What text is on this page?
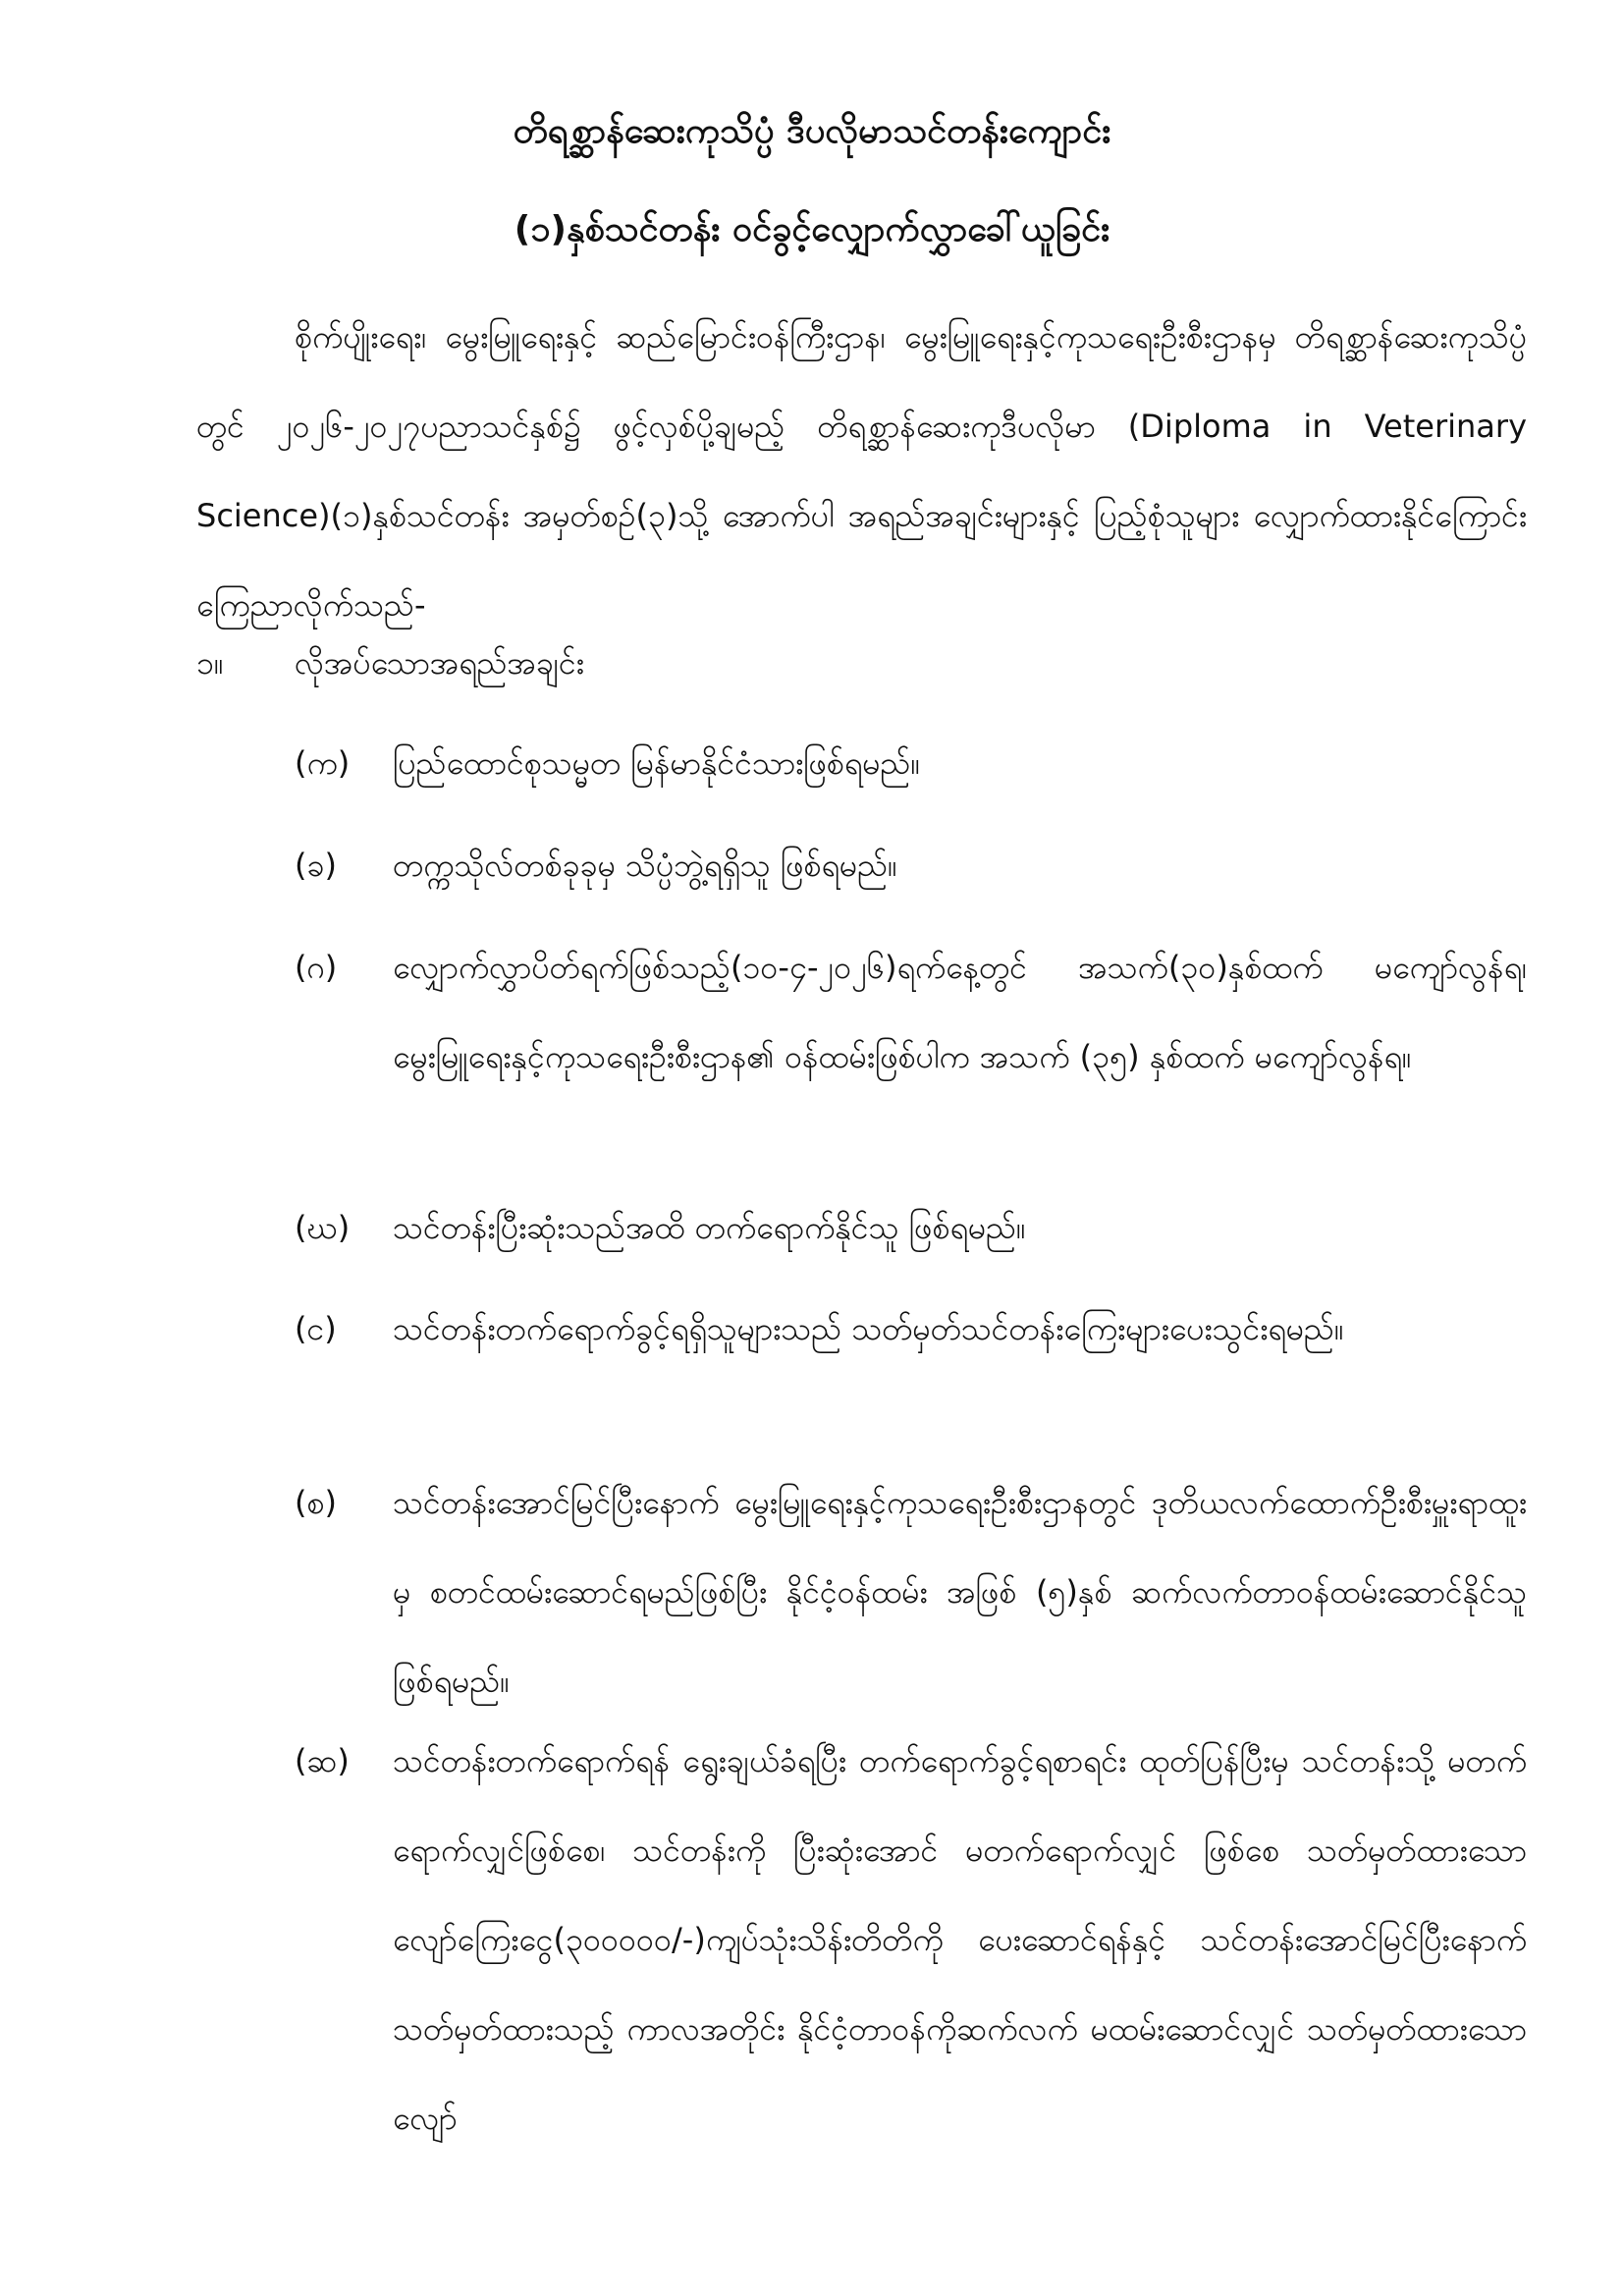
တိရစ္ဆာန်ဆေးကုသိပ္ပံ ဒီပလိုမာသင်တန်းကျောင်း
(၁)နှစ်သင်တန်း ဝင်ခွင့်လျှောက်လွှာခေါ်ယူခြင်း

စိုက်ပျိုးရေး၊ မွေးမြူရေးနှင့် ဆည်မြောင်းဝန်ကြီးဌာန၊ မွေးမြူရေးနှင့်ကုသရေးဦးစီးဌာနမှ တိရစ္ဆာန်ဆေးကုသိပ္ပံတွင် ၂၀၂၆-၂၀၂၇ပညာသင်နှစ်၌ ဖွင့်လှစ်ပို့ချမည့် တိရစ္ဆာန်ဆေးကုဒီပလိုမာ (Diploma in Veterinary Science)(၁)နှစ်သင်တန်း အမှတ်စဉ်(၃)သို့ အောက်ပါ အရည်အချင်းများနှင့် ပြည့်စုံသူများ လျှောက်ထားနိုင်ကြောင်း ကြေညာလိုက်သည်-

၁။ လိုအပ်သောအရည်အချင်း
(က)	ပြည်ထောင်စုသမ္မတ မြန်မာနိုင်ငံသားဖြစ်ရမည်။
(ခ)	တက္ကသိုလ်တစ်ခုခုမှ သိပ္ပံဘွဲ့ရရှိသူ ဖြစ်ရမည်။
(ဂ)	လျှောက်လွှာပိတ်ရက်ဖြစ်သည့်(၁၀-၄-၂၀၂၆)ရက်နေ့တွင် အသက်(၃၀)နှစ်ထက် မကျော်လွန်ရ၊ မွေးမြူရေးနှင့်ကုသရေးဦးစီးဌာန၏ ဝန်ထမ်းဖြစ်ပါက အသက် (၃၅) နှစ်ထက် မကျော်လွန်ရ။
(ဃ)	သင်တန်းပြီးဆုံးသည်အထိ တက်ရောက်နိုင်သူ ဖြစ်ရမည်။
(င)	သင်တန်းတက်ရောက်ခွင့်ရရှိသူများသည် သတ်မှတ်သင်တန်းကြေးများပေးသွင်းရမည်။
(စ)	သင်တန်းအောင်မြင်ပြီးနောက် မွေးမြူရေးနှင့်ကုသရေးဦးစီးဌာနတွင် ဒုတိယလက်ထောက်ဦးစီးမှူးရာထူးမှ စတင်ထမ်းဆောင်ရမည်ဖြစ်ပြီး နိုင်ငံ့ဝန်ထမ်း အဖြစ် (၅)နှစ် ဆက်လက်တာဝန်ထမ်းဆောင်နိုင်သူ ဖြစ်ရမည်။
(ဆ)	သင်တန်းတက်ရောက်ရန် ရွေးချယ်ခံရပြီး တက်ရောက်ခွင့်ရစာရင်း ထုတ်ပြန်ပြီးမှ သင်တန်းသို့ မတက်ရောက်လျှင်ဖြစ်စေ၊ သင်တန်းကို ပြီးဆုံးအောင် မတက်ရောက်လျှင် ဖြစ်စေ သတ်မှတ်ထားသော လျော်ကြေးငွေ(၃၀၀၀၀၀/-)ကျပ်သုံးသိန်းတိတိကို ပေးဆောင်ရန်နှင့် သင်တန်းအောင်မြင်ပြီးနောက် သတ်မှတ်ထားသည့် ကာလအတိုင်း နိုင်ငံ့တာဝန်ကိုဆက်လက် မထမ်းဆောင်လျှင် သတ်မှတ်ထားသော လျော်
